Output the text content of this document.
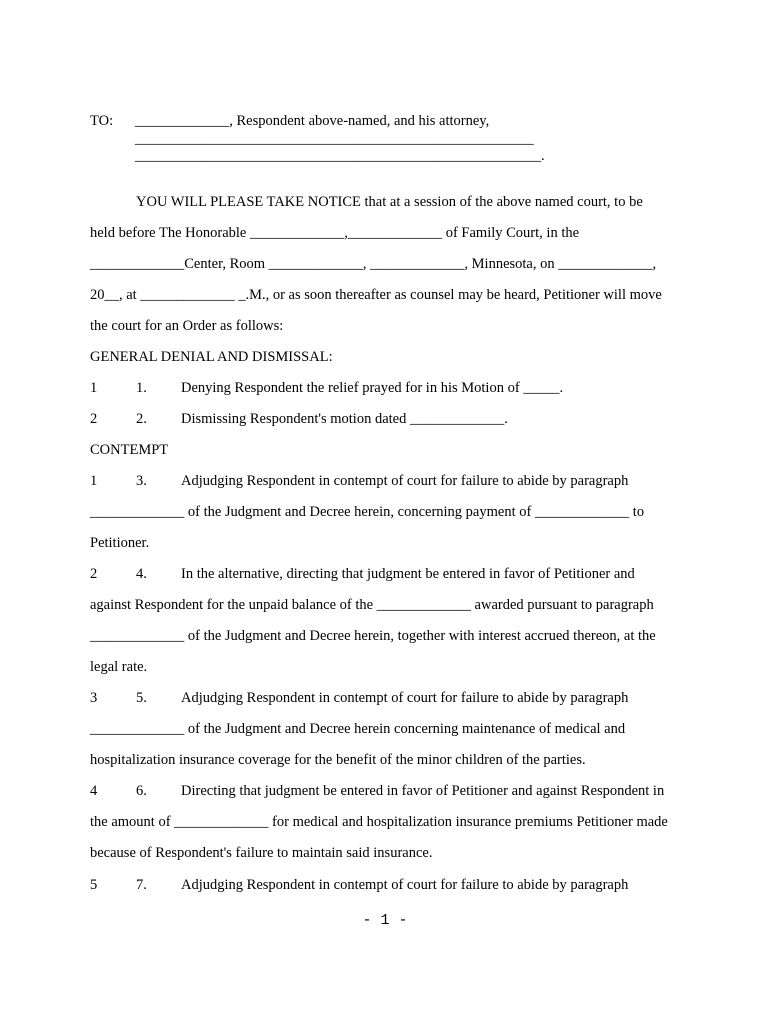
TO: _____________, Respondent above-named, and his attorney,
_______________________________________________________
________________________________________________________.
YOU WILL PLEASE TAKE NOTICE that at a session of the above named court, to be
held before The Honorable _____________,_____________ of Family Court, in the
_____________Center, Room _____________, _____________, Minnesota, on _____________,
20__, at _____________ _.M., or as soon thereafter as counsel may be heard, Petitioner will move
the court for an Order as follows:
GENERAL DENIAL AND DISMISSAL:
1	1. Denying Respondent the relief prayed for in his Motion of _____.
2	2. Dismissing Respondent's motion dated _____________.
CONTEMPT
1	3. Adjudging Respondent in contempt of court for failure to abide by paragraph
_____________ of the Judgment and Decree herein, concerning payment of _____________ to
Petitioner.
2	4. In the alternative, directing that judgment be entered in favor of Petitioner and
against Respondent for the unpaid balance of the _____________ awarded pursuant to paragraph
_____________ of the Judgment and Decree herein, together with interest accrued thereon, at the
legal rate.
3	5. Adjudging Respondent in contempt of court for failure to abide by paragraph
_____________ of the Judgment and Decree herein concerning maintenance of medical and
hospitalization insurance coverage for the benefit of the minor children of the parties.
4	6. Directing that judgment be entered in favor of Petitioner and against Respondent in
the amount of _____________ for medical and hospitalization insurance premiums Petitioner made
because of Respondent's failure to maintain said insurance.
5	7. Adjudging Respondent in contempt of court for failure to abide by paragraph
- 1 -
